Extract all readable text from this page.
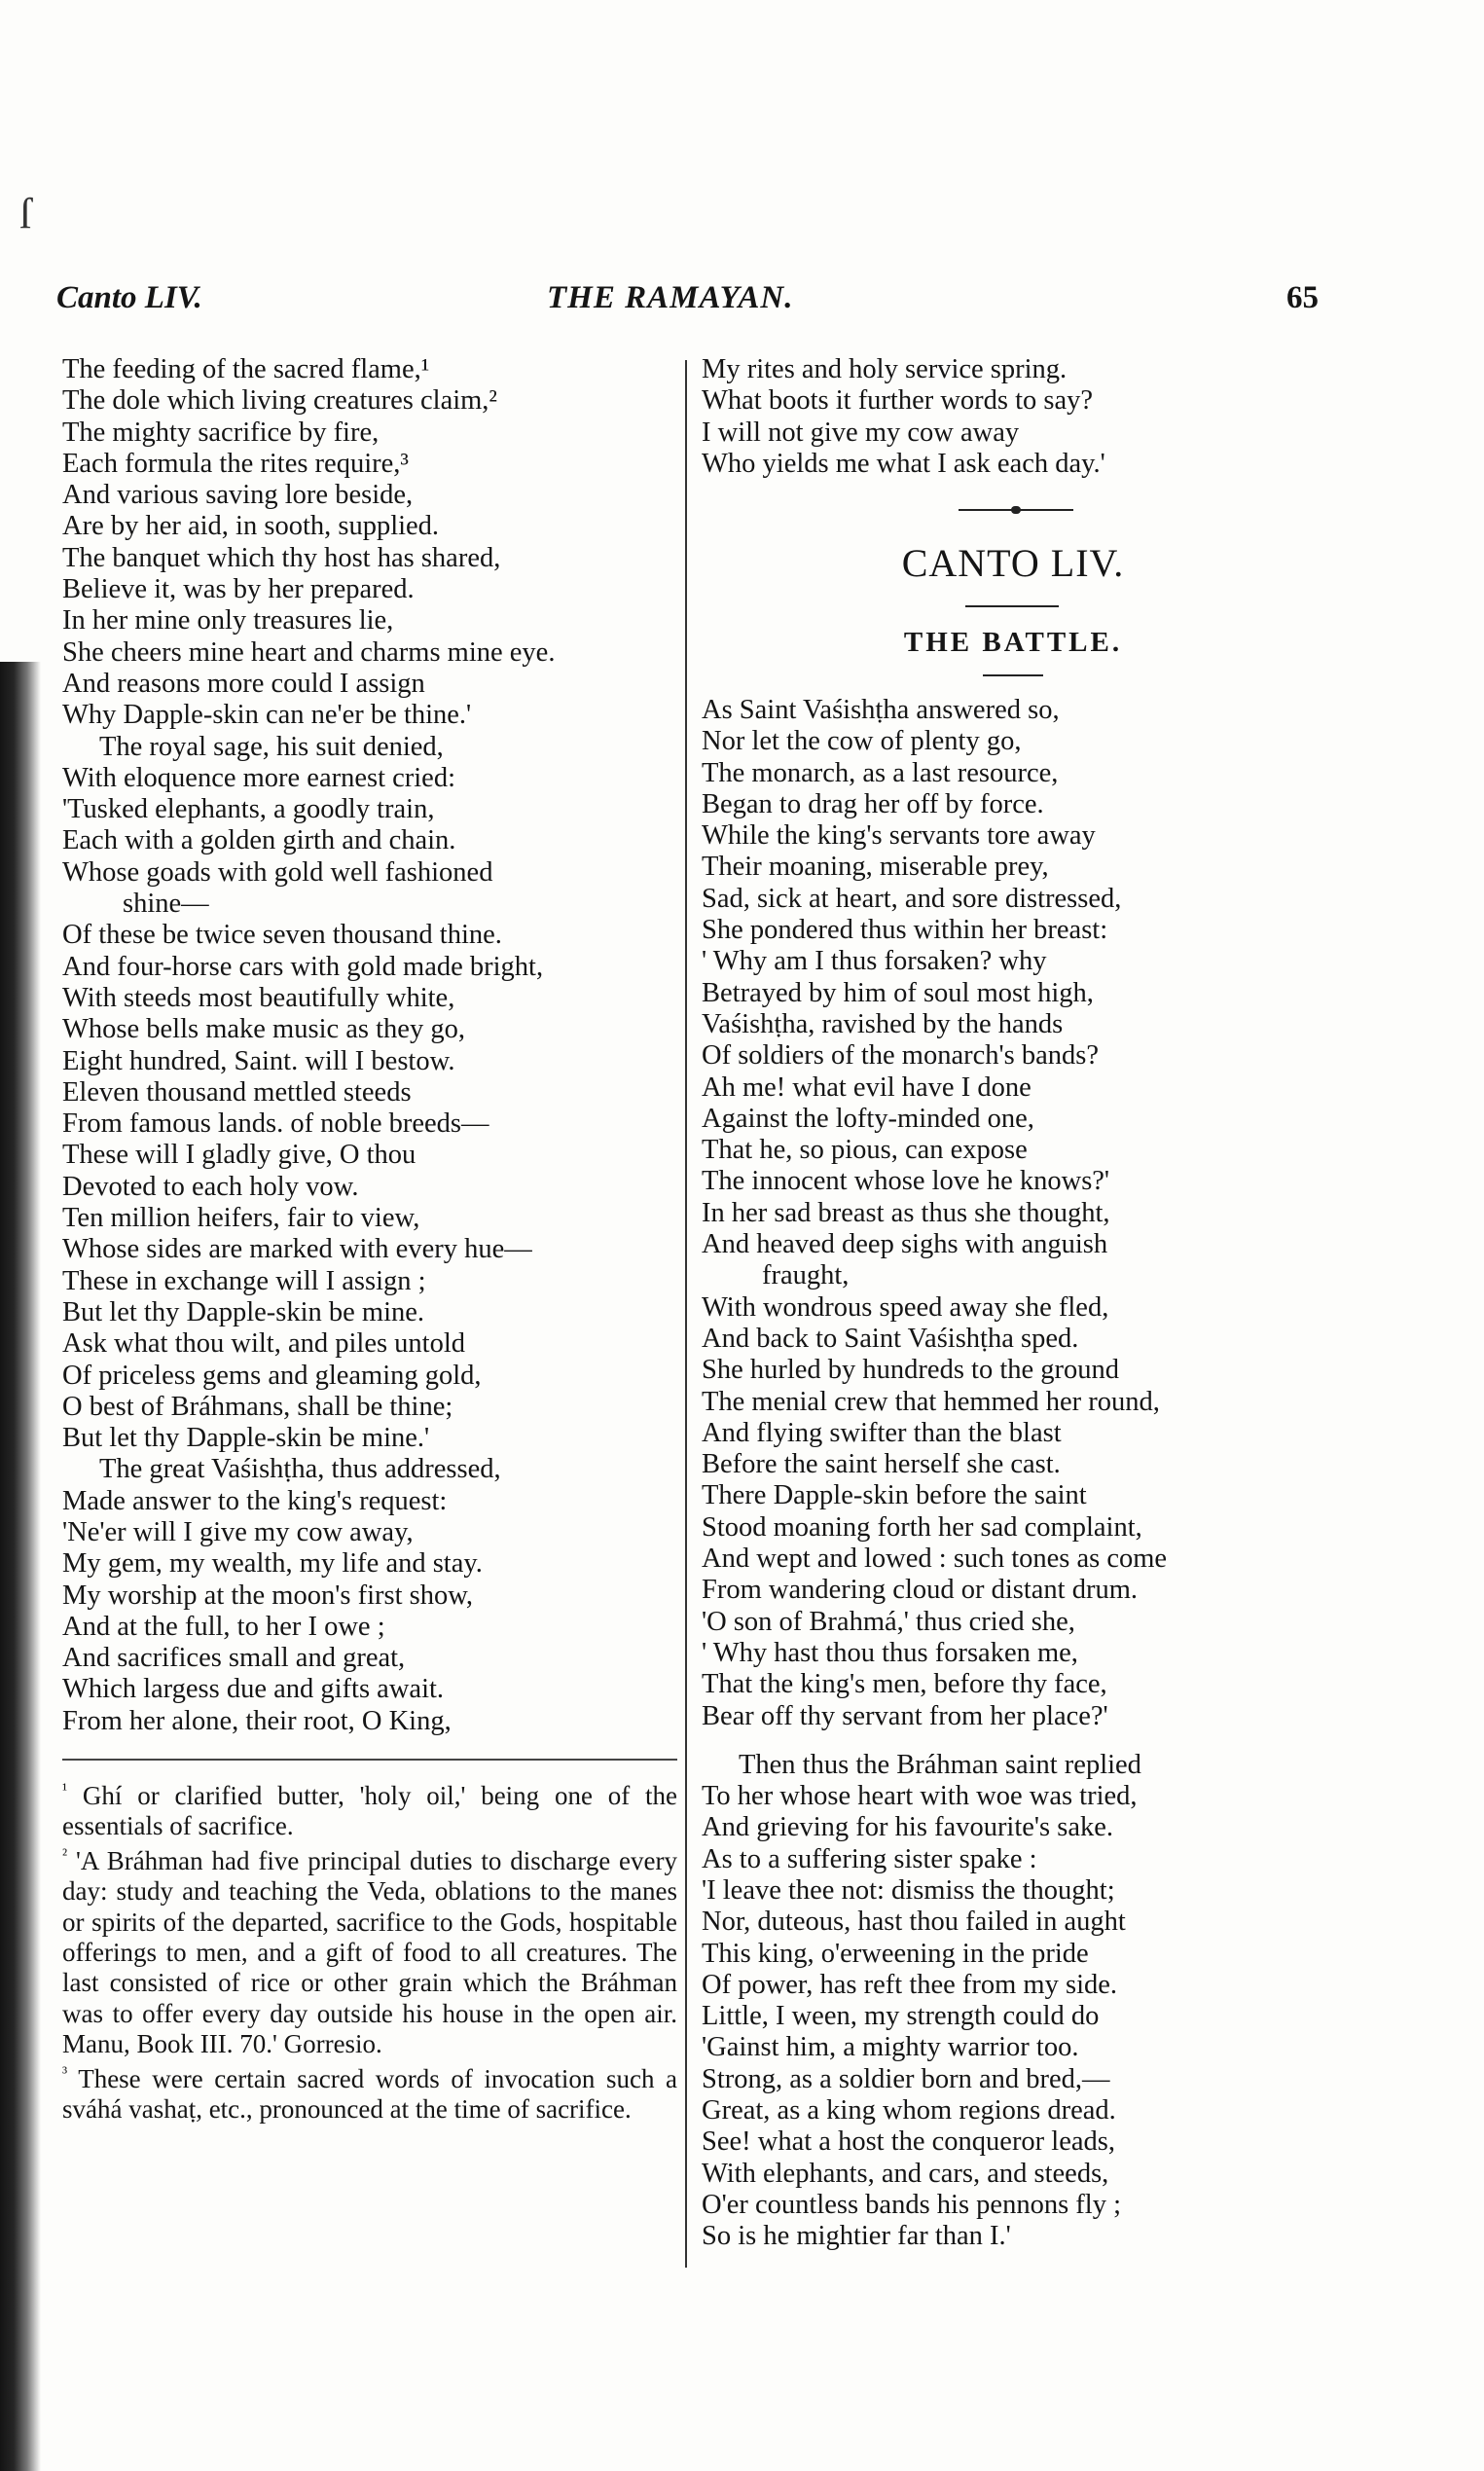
ſ
Canto LIV.	THE RAMAYAN.	65
The feeding of the sacred flame,¹
The dole which living creatures claim,²
The mighty sacrifice by fire,
Each formula the rites require,³
And various saving lore beside,
Are by her aid, in sooth, supplied.
The banquet which thy host has shared,
Believe it, was by her prepared.
In her mine only treasures lie,
She cheers mine heart and charms mine eye.
And reasons more could I assign
Why Dapple-skin can ne'er be thine.'
The royal sage, his suit denied,
With eloquence more earnest cried:
'Tusked elephants, a goodly train,
Each with a golden girth and chain.
Whose goads with gold well fashioned
shine—
Of these be twice seven thousand thine.
And four-horse cars with gold made bright,
With steeds most beautifully white,
Whose bells make music as they go,
Eight hundred, Saint. will I bestow.
Eleven thousand mettled steeds
From famous lands. of noble breeds—
These will I gladly give, O thou
Devoted to each holy vow.
Ten million heifers, fair to view,
Whose sides are marked with every hue—
These in exchange will I assign ;
But let thy Dapple-skin be mine.
Ask what thou wilt, and piles untold
Of priceless gems and gleaming gold,
O best of Bráhmans, shall be thine;
But let thy Dapple-skin be mine.'
The great Vaśishṭha, thus addressed,
Made answer to the king's request:
'Ne'er will I give my cow away,
My gem, my wealth, my life and stay.
My worship at the moon's first show,
And at the full, to her I owe ;
And sacrifices small and great,
Which largess due and gifts await.
From her alone, their root, O King,
My rites and holy service spring.
What boots it further words to say?
I will not give my cow away
Who yields me what I ask each day.'
CANTO LIV.
THE BATTLE.
As Saint Vaśishṭha answered so,
Nor let the cow of plenty go,
The monarch, as a last resource,
Began to drag her off by force.
While the king's servants tore away
Their moaning, miserable prey,
Sad, sick at heart, and sore distressed,
She pondered thus within her breast:
' Why am I thus forsaken? why
Betrayed by him of soul most high,
Vaśishṭha, ravished by the hands
Of soldiers of the monarch's bands?
Ah me! what evil have I done
Against the lofty-minded one,
That he, so pious, can expose
The innocent whose love he knows?'
In her sad breast as thus she thought,
And heaved deep sighs with anguish
fraught,
With wondrous speed away she fled,
And back to Saint Vaśishṭha sped.
She hurled by hundreds to the ground
The menial crew that hemmed her round,
And flying swifter than the blast
Before the saint herself she cast.
There Dapple-skin before the saint
Stood moaning forth her sad complaint,
And wept and lowed : such tones as come
From wandering cloud or distant drum.
'O son of Brahmá,' thus cried she,
' Why hast thou thus forsaken me,
That the king's men, before thy face,
Bear off thy servant from her place?'
Then thus the Bráhman saint replied
To her whose heart with woe was tried,
And grieving for his favourite's sake.
As to a suffering sister spake :
'I leave thee not: dismiss the thought;
Nor, duteous, hast thou failed in aught
This king, o'erweening in the pride
Of power, has reft thee from my side.
Little, I ween, my strength could do
'Gainst him, a mighty warrior too.
Strong, as a soldier born and bred,—
Great, as a king whom regions dread.
See! what a host the conqueror leads,
With elephants, and cars, and steeds,
O'er countless bands his pennons fly ;
So is he mightier far than I.'

$^{^1}$ Ghí or clarified butter, 'holy oil,' being one of the essentials of sacrifice.

$^{^2}$ 'A Bráhman had five principal duties to discharge every day: study and teaching the Veda, oblations to the manes or spirits of the departed, sacrifice to the Gods, hospitable offerings to men, and a gift of food to all creatures. The last consisted of rice or other grain which the Bráhman was to offer every day outside his house in the open air. Manu, Book III. 70.' Gorresio.

$^{^3}$ These were certain sacred words of invocation such a sváhá vashaṭ, etc., pronounced at the time of sacrifice.
